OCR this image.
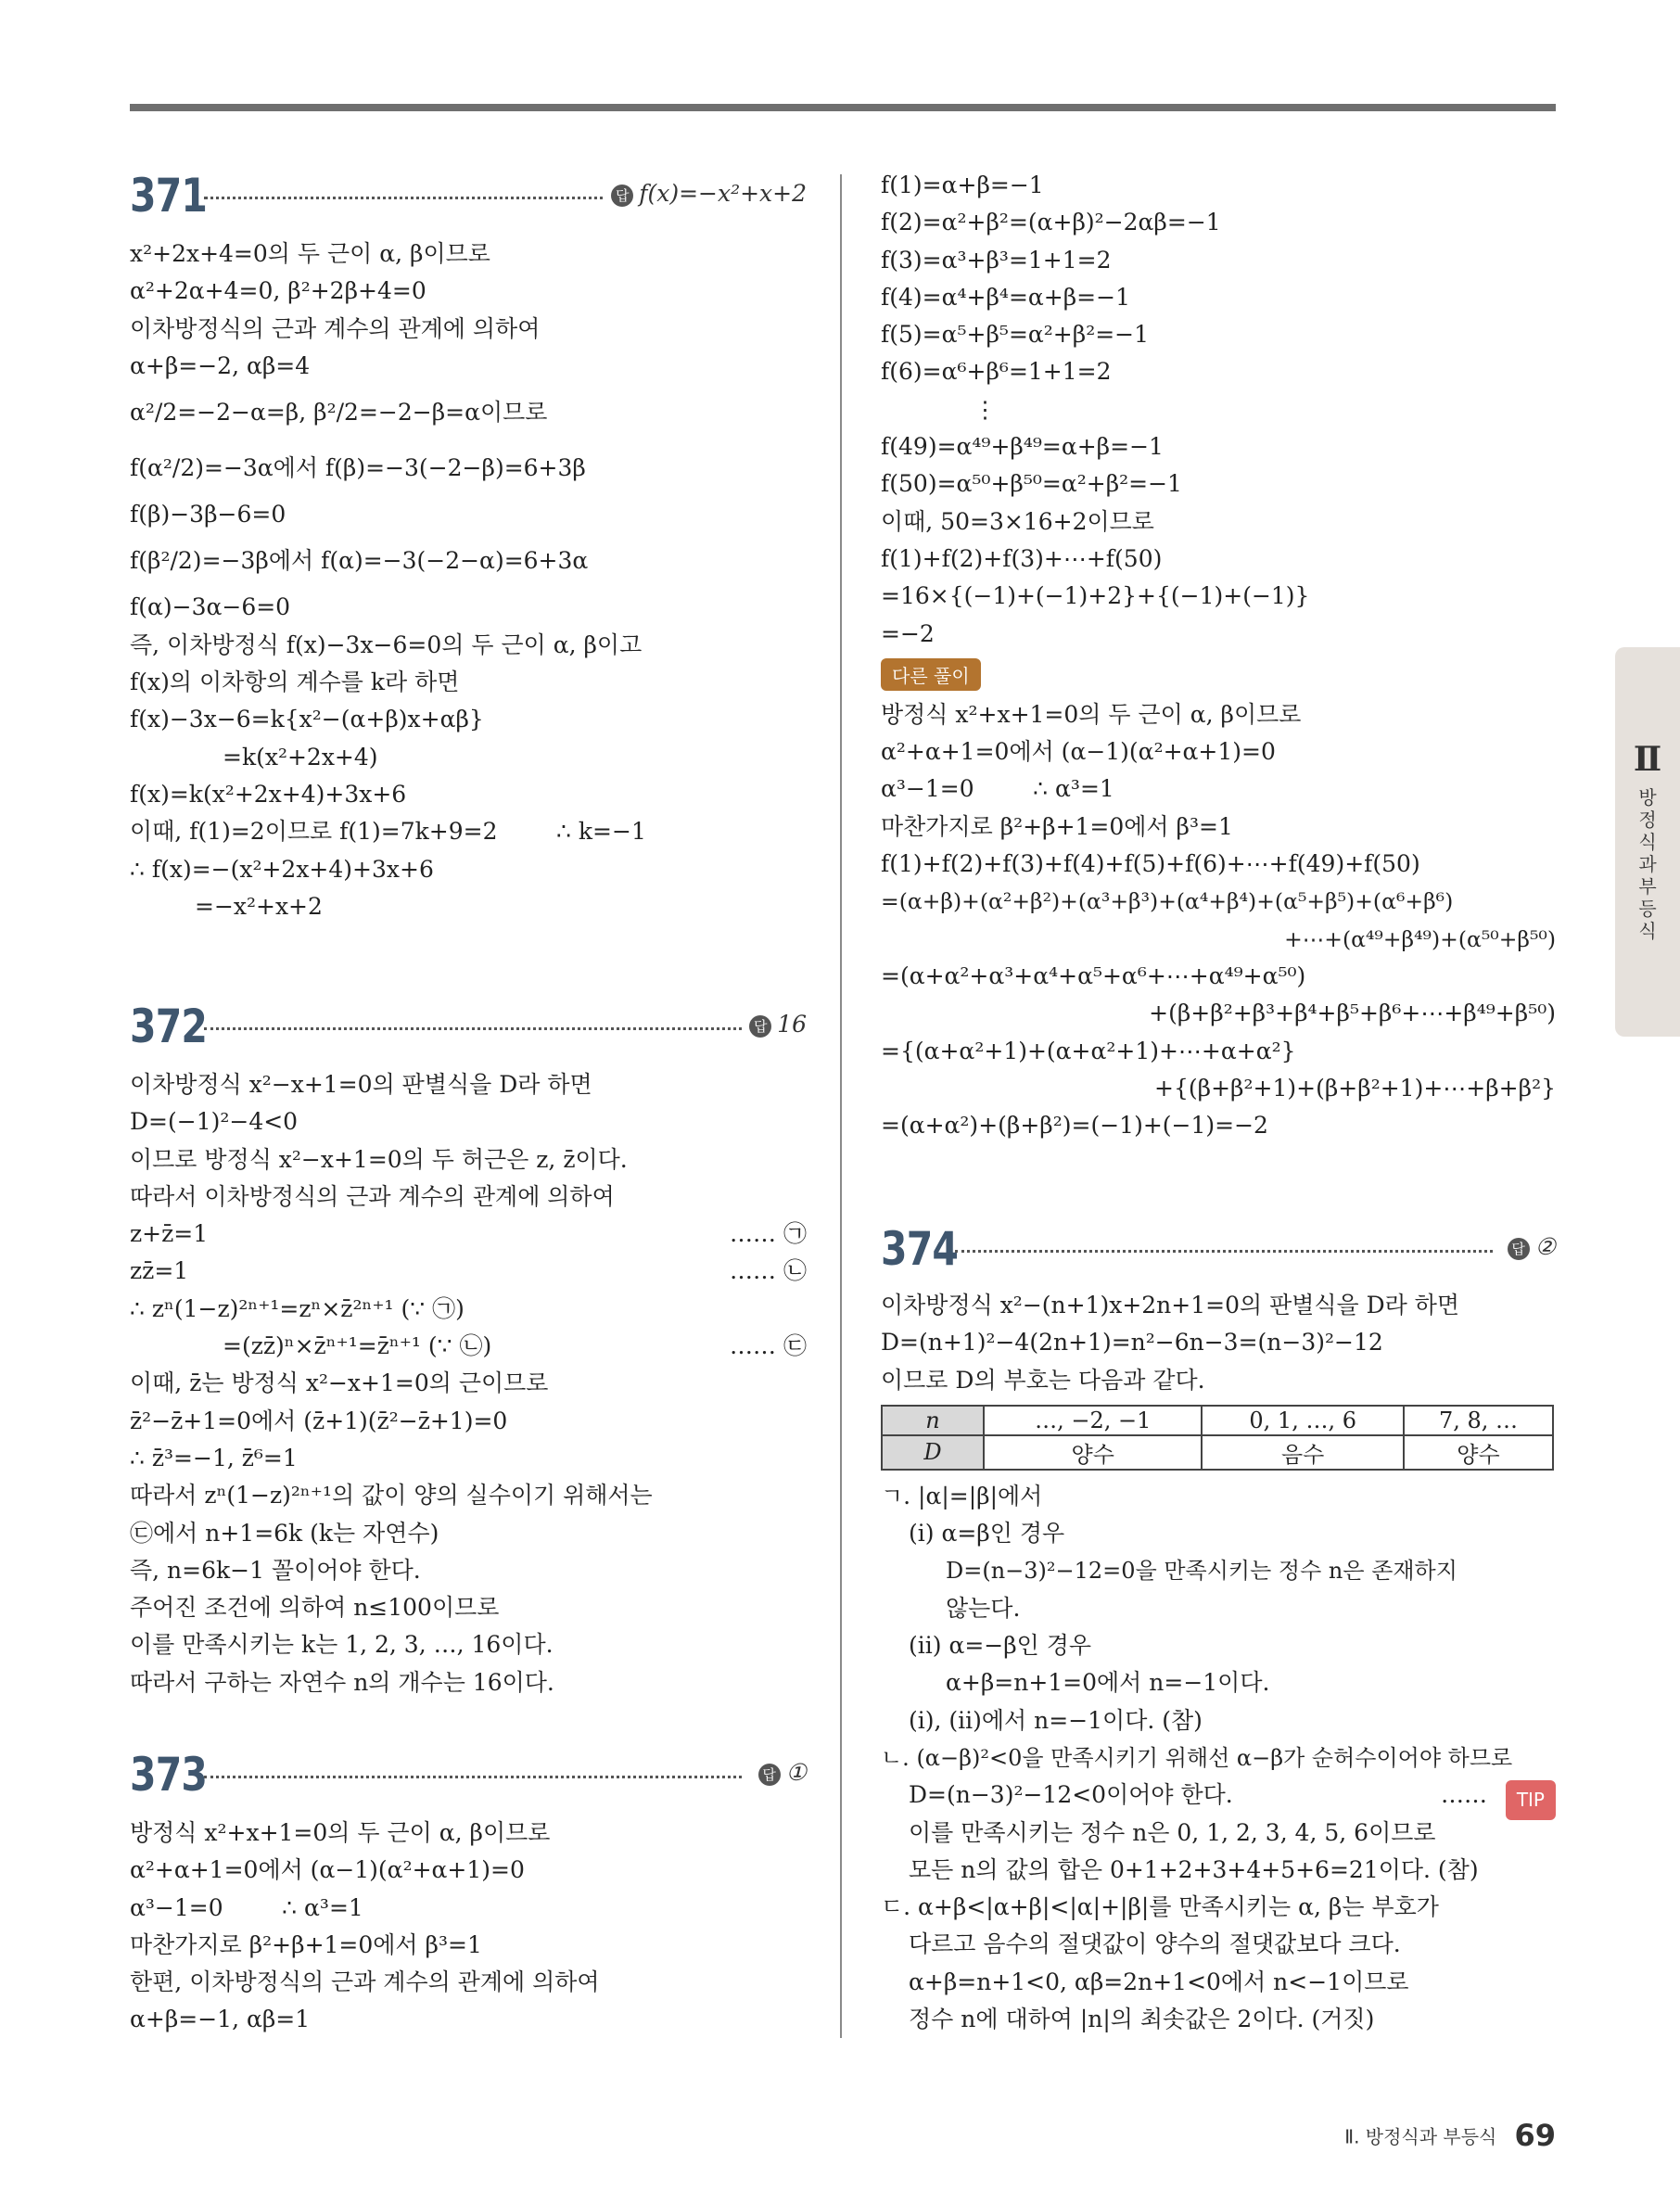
371	답 f(x)=−x²+x+2
x²+2x+4=0의 두 근이 α, β이므로
α²+2α+4=0, β²+2β+4=0
이차방정식의 근과 계수의 관계에 의하여
α+β=−2, αβ=4
α²/2=−2−α=β, β²/2=−2−β=α이므로
f(α²/2)=−3α에서 f(β)=−3(−2−β)=6+3β
f(β)−3β−6=0
f(β²/2)=−3β에서 f(α)=−3(−2−α)=6+3α
f(α)−3α−6=0
즉, 이차방정식 f(x)−3x−6=0의 두 근이 α, β이고
f(x)의 이차항의 계수를 k라 하면
f(x)−3x−6=k{x²−(α+β)x+αβ}
=k(x²+2x+4)
f(x)=k(x²+2x+4)+3x+6
이때, f(1)=2이므로 f(1)=7k+9=2        ∴ k=−1
∴ f(x)=−(x²+2x+4)+3x+6
=−x²+x+2
372	답 16
이차방정식 x²−x+1=0의 판별식을 D라 하면
D=(−1)²−4<0
이므로 방정식 x²−x+1=0의 두 허근은 z, z̄이다.
따라서 이차방정식의 근과 계수의 관계에 의하여
z+z̄=1	…… ㉠
zz̄=1	…… ㉡
∴ zⁿ(1−z)²ⁿ⁺¹=zⁿ×z̄²ⁿ⁺¹ (∵ ㉠)
=(zz̄)ⁿ×z̄ⁿ⁺¹=z̄ⁿ⁺¹ (∵ ㉡)	…… ㉢
이때, z̄는 방정식 x²−x+1=0의 근이므로
z̄²−z̄+1=0에서 (z̄+1)(z̄²−z̄+1)=0
∴ z̄³=−1, z̄⁶=1
따라서 zⁿ(1−z)²ⁿ⁺¹의 값이 양의 실수이기 위해서는
㉢에서 n+1=6k (k는 자연수)
즉, n=6k−1 꼴이어야 한다.
주어진 조건에 의하여 n≤100이므로
이를 만족시키는 k는 1, 2, 3, …, 16이다.
따라서 구하는 자연수 n의 개수는 16이다.
373	답 ①
방정식 x²+x+1=0의 두 근이 α, β이므로
α²+α+1=0에서 (α−1)(α²+α+1)=0
α³−1=0        ∴ α³=1
마찬가지로 β²+β+1=0에서 β³=1
한편, 이차방정식의 근과 계수의 관계에 의하여
α+β=−1, αβ=1
f(1)=α+β=−1
f(2)=α²+β²=(α+β)²−2αβ=−1
f(3)=α³+β³=1+1=2
f(4)=α⁴+β⁴=α+β=−1
f(5)=α⁵+β⁵=α²+β²=−1
f(6)=α⁶+β⁶=1+1=2
⋮
f(49)=α⁴⁹+β⁴⁹=α+β=−1
f(50)=α⁵⁰+β⁵⁰=α²+β²=−1
이때, 50=3×16+2이므로
f(1)+f(2)+f(3)+⋯+f(50)
=16×{(−1)+(−1)+2}+{(−1)+(−1)}
=−2
다른 풀이
방정식 x²+x+1=0의 두 근이 α, β이므로
α²+α+1=0에서 (α−1)(α²+α+1)=0
α³−1=0        ∴ α³=1
마찬가지로 β²+β+1=0에서 β³=1
f(1)+f(2)+f(3)+f(4)+f(5)+f(6)+⋯+f(49)+f(50)
=(α+β)+(α²+β²)+(α³+β³)+(α⁴+β⁴)+(α⁵+β⁵)+(α⁶+β⁶)
+⋯+(α⁴⁹+β⁴⁹)+(α⁵⁰+β⁵⁰)
=(α+α²+α³+α⁴+α⁵+α⁶+⋯+α⁴⁹+α⁵⁰)
+(β+β²+β³+β⁴+β⁵+β⁶+⋯+β⁴⁹+β⁵⁰)
={(α+α²+1)+(α+α²+1)+⋯+α+α²}
+{(β+β²+1)+(β+β²+1)+⋯+β+β²}
=(α+α²)+(β+β²)=(−1)+(−1)=−2
374	답 ②
이차방정식 x²−(n+1)x+2n+1=0의 판별식을 D라 하면
D=(n+1)²−4(2n+1)=n²−6n−3=(n−3)²−12
이므로 D의 부호는 다음과 같다.
n	…, −2, −1	0, 1, …, 6	7, 8, …
D	양수	음수	양수
ㄱ. |α|=|β|에서
(ⅰ) α=β인 경우
D=(n−3)²−12=0을 만족시키는 정수 n은 존재하지
않는다.
(ⅱ) α=−β인 경우
α+β=n+1=0에서 n=−1이다.
(ⅰ), (ⅱ)에서 n=−1이다. (참)
ㄴ. (α−β)²<0을 만족시키기 위해선 α−β가 순허수이어야 하므로
D=(n−3)²−12<0이어야 한다.	……	TIP
이를 만족시키는 정수 n은 0, 1, 2, 3, 4, 5, 6이므로
모든 n의 값의 합은 0+1+2+3+4+5+6=21이다. (참)
ㄷ. α+β<|α+β|<|α|+|β|를 만족시키는 α, β는 부호가
다르고 음수의 절댓값이 양수의 절댓값보다 크다.
α+β=n+1<0, αβ=2n+1<0에서 n<−1이므로
정수 n에 대하여 |n|의 최솟값은 2이다. (거짓)
Ⅱ
방정식과 부등식
Ⅱ. 방정식과 부등식 69
